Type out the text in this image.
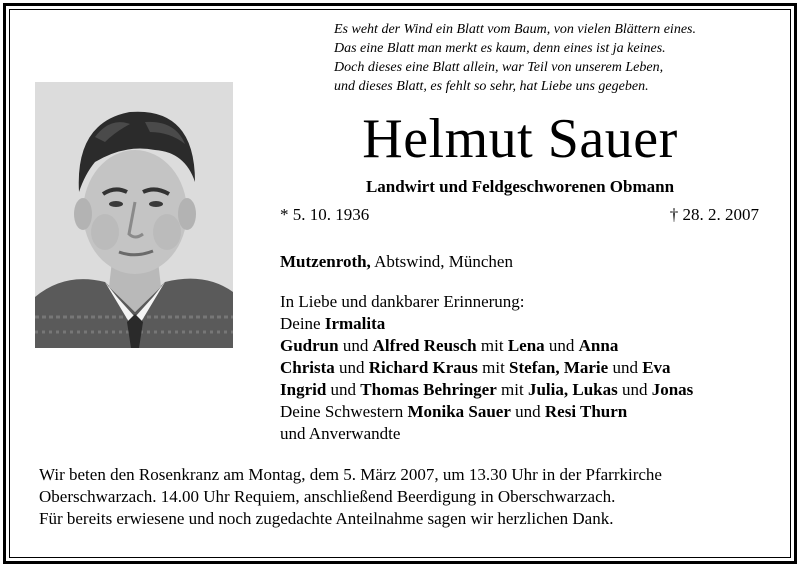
Es weht der Wind ein Blatt vom Baum, von vielen Blättern eines.
Das eine Blatt man merkt es kaum, denn eines ist ja keines.
Doch dieses eine Blatt allein, war Teil von unserem Leben,
und dieses Blatt, es fehlt so sehr, hat Liebe uns gegeben.
Helmut Sauer
Landwirt und Feldgeschworenen Obmann
* 5. 10. 1936	† 28. 2. 2007
Mutzenroth, Abtswind, München
In Liebe und dankbarer Erinnerung:
Deine Irmalita
Gudrun und Alfred Reusch mit Lena und Anna
Christa und Richard Kraus mit Stefan, Marie und Eva
Ingrid und Thomas Behringer mit Julia, Lukas und Jonas
Deine Schwestern Monika Sauer und Resi Thurn
und Anverwandte
Wir beten den Rosenkranz am Montag, dem 5. März 2007, um 13.30 Uhr in der Pfarrkirche
Oberschwarzach. 14.00 Uhr Requiem, anschließend Beerdigung in Oberschwarzach.
Für bereits erwiesene und noch zugedachte Anteilnahme sagen wir herzlichen Dank.
